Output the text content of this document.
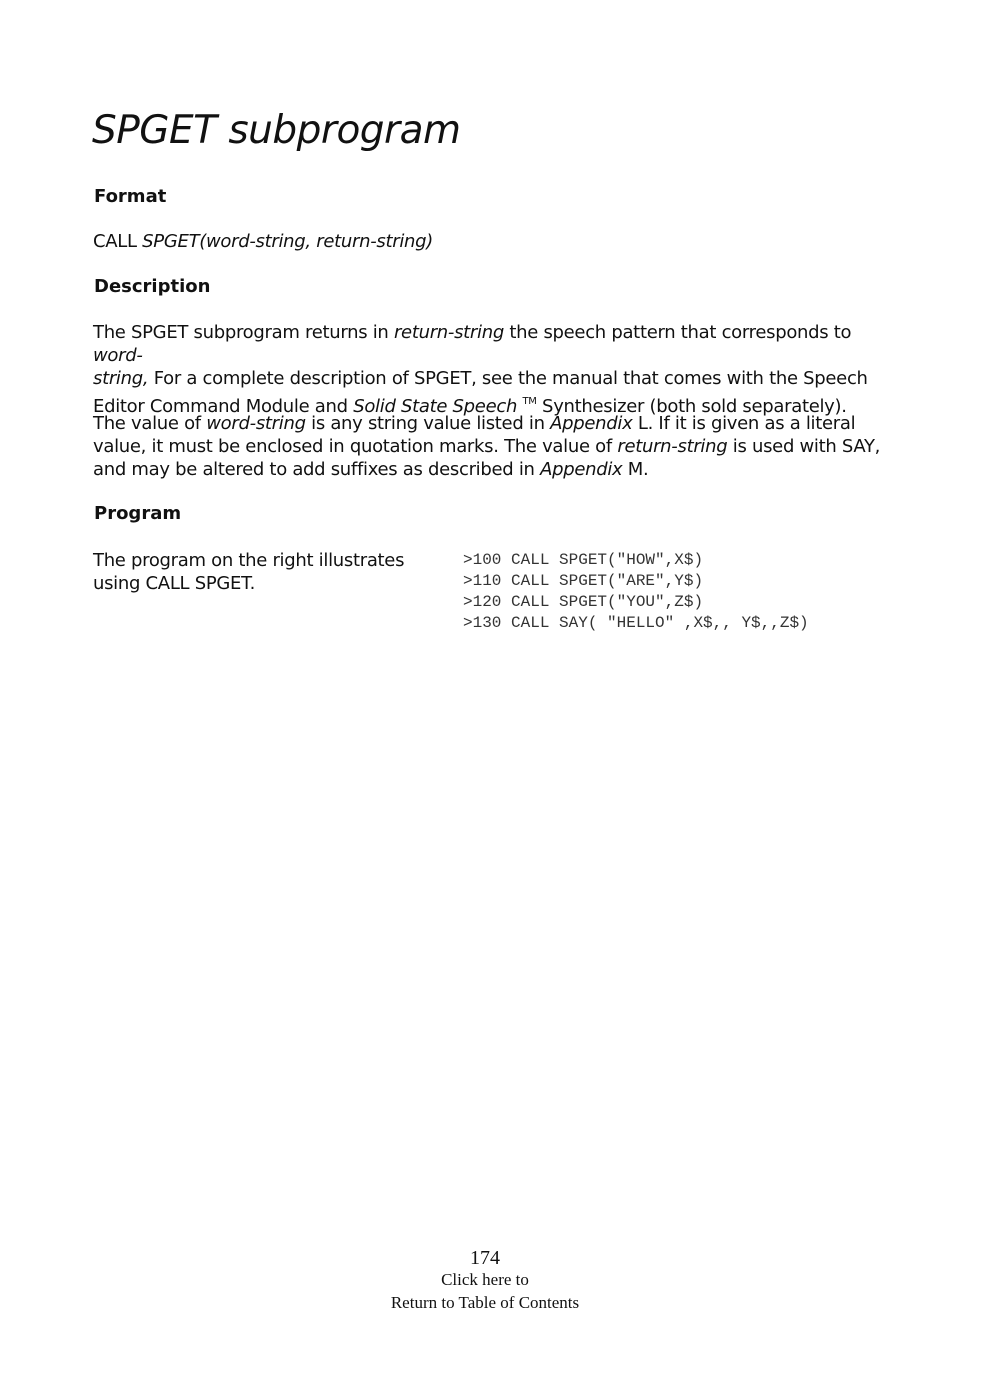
SPGET subprogram
Format

CALL SPGET(word-string, return-string)

Description

The SPGET subprogram returns in return-string the speech pattern that corresponds to word-
string, For a complete description of SPGET, see the manual that comes with the Speech
Editor Command Module and Solid State Speech ™ Synthesizer (both sold separately).

The value of word-string is any string value listed in Appendix L. If it is given as a literal
value, it must be enclosed in quotation marks. The value of return-string is used with SAY,
and may be altered to add suffixes as described in Appendix M.

Program

The program on the right illustrates
using CALL SPGET.

>100 CALL SPGET("HOW",X$)
>110 CALL SPGET("ARE",Y$)
>120 CALL SPGET("YOU",Z$)
>130 CALL SAY( "HELLO" ,X$,, Y$,,Z$)
174
Click here to
Return to Table of Contents
